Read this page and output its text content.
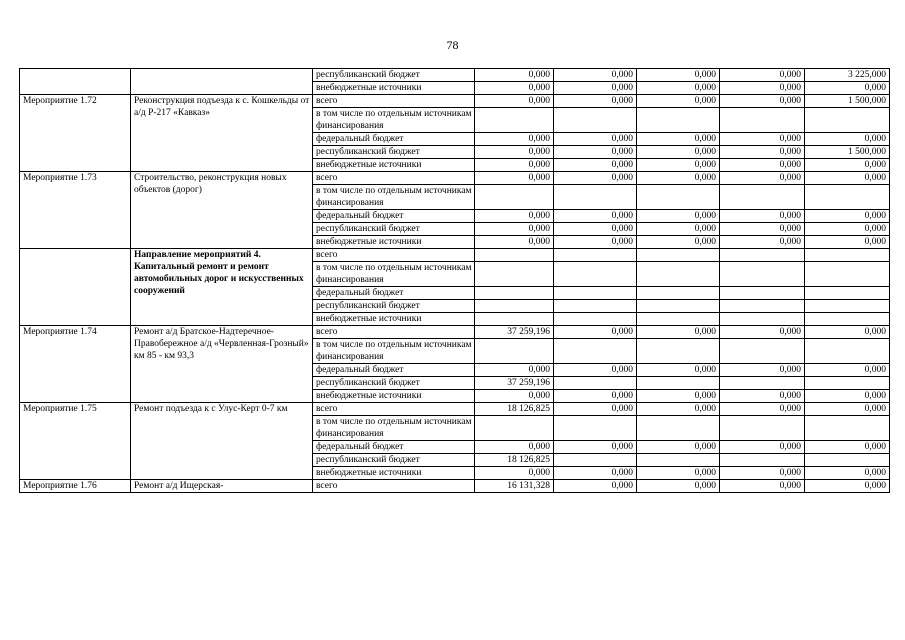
78
		республиканский бюджет	0,000	0,000	0,000	0,000	3 225,000
		внебюджетные источники	0,000	0,000	0,000	0,000	0,000
Мероприятие 1.72	Реконструкция подъезда к с. Кошкельды от а/д Р-217 «Кавказ»	всего	0,000	0,000	0,000	0,000	1 500,000
		в том числе по отдельным источникам финансирования					
		федеральный бюджет	0,000	0,000	0,000	0,000	0,000
		республиканский бюджет	0,000	0,000	0,000	0,000	1 500,000
		внебюджетные источники	0,000	0,000	0,000	0,000	0,000
Мероприятие 1.73	Строительство, реконструкция новых объектов (дорог)	всего	0,000	0,000	0,000	0,000	0,000
		в том числе по отдельным источникам финансирования					
		федеральный бюджет	0,000	0,000	0,000	0,000	0,000
		республиканский бюджет	0,000	0,000	0,000	0,000	0,000
		внебюджетные источники	0,000	0,000	0,000	0,000	0,000
	Направление мероприятий 4. Капитальный ремонт и ремонт автомобильных дорог и искусственных сооружений	всего					
		в том числе по отдельным источникам финансирования					
		федеральный бюджет					
		республиканский бюджет					
		внебюджетные источники					
Мероприятие 1.74	Ремонт а/д Братское-Надтеречное-Правобережное а/д «Червленная-Грозный» км 85 - км 93,3	всего	37 259,196	0,000	0,000	0,000	0,000
		в том числе по отдельным источникам финансирования					
		федеральный бюджет	0,000	0,000	0,000	0,000	0,000
		республиканский бюджет	37 259,196				
		внебюджетные источники	0,000	0,000	0,000	0,000	0,000
Мероприятие 1.75	Ремонт подъезда к с Улус-Керт 0-7 км	всего	18 126,825	0,000	0,000	0,000	0,000
		в том числе по отдельным источникам финансирования					
		федеральный бюджет	0,000	0,000	0,000	0,000	0,000
		республиканский бюджет	18 126,825				
		внебюджетные источники	0,000	0,000	0,000	0,000	0,000
Мероприятие 1.76	Ремонт а/д Ищерская-	всего	16 131,328	0,000	0,000	0,000	0,000
